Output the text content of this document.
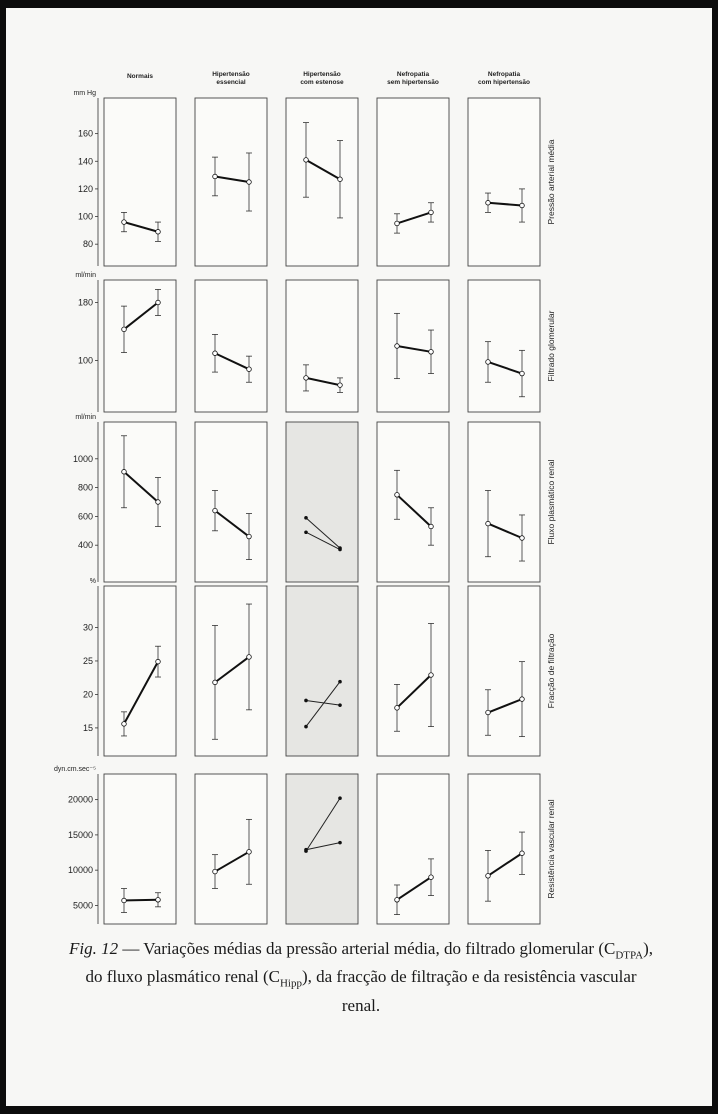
Normais	Hipertensão essencial
Hipertensão com estenose
Nefropatia sem hipertensão
Nefropatia com hipertensão
mm Hg
80
100
120
140
160
Pressão arterial média
ml/min
100
180
Filtrado glomerular
ml/min
400
600
800
1000
Fluxo plasmático renal
%
15
20
25
30
Fracção de filtração
dyn.cm.sec⁻⁵
5000
10000
15000
20000	Resistência vascular renal
Fig. 12 — Variações médias da pressão arterial média, do filtrado glomerular $(C_{DTPA})$, do fluxo plasmático renal $(C_{Hipp})$, da fracção de filtração e da resistência vascular renal.
